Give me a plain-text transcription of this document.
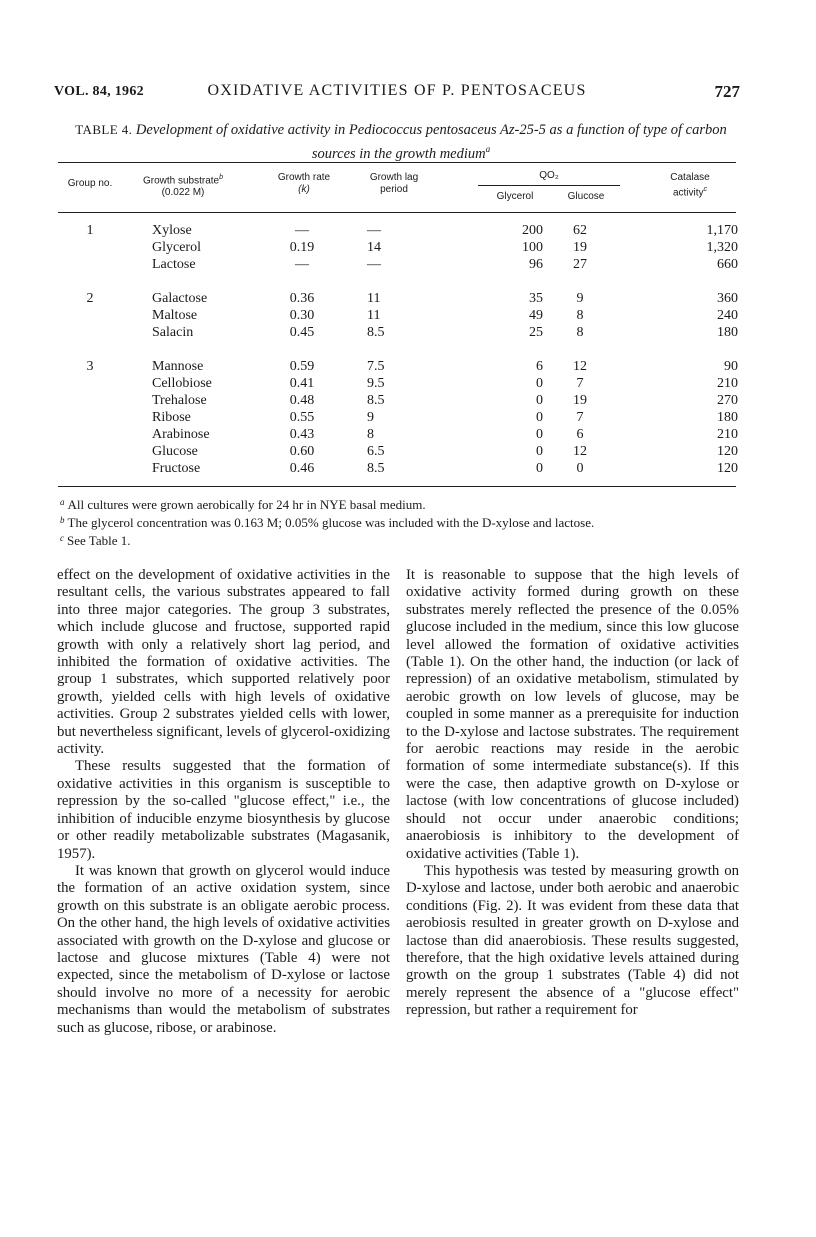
VOL. 84, 1962	OXIDATIVE ACTIVITIES OF P. PENTOSACEUS	727
TABLE 4. Development of oxidative activity in Pediococcus pentosaceus Az-25-5 as a function of type of carbon sources in the growth medium$^a$
Group no.	Growth substrate$^b$
(0.022 M)
Growth rate
(k)
Growth lag
period
QO₂
Glycerol	Glucose
Catalase
activity$^c$
1	Xylose	—	—	200	62	1,170
Glycerol	0.19	14	100	19	1,320
Lactose	—	—	96	27	660
2	Galactose	0.36	11	35	9	360
Maltose	0.30	11	49	8	240
Salacin	0.45	8.5	25	8	180
3	Mannose	0.59	7.5	6	12	90
Cellobiose	0.41	9.5	0	7	210
Trehalose	0.48	8.5	0	19	270
Ribose	0.55	9	0	7	180
Arabinose	0.43	8	0	6	210
Glucose	0.60	6.5	0	12	120
Fructose	0.46	8.5	0	0	120
$^a$ All cultures were grown aerobically for 24 hr in NYE basal medium.
$^b$ The glycerol concentration was 0.163 M; 0.05% glucose was included with the D-xylose and lactose.
$^c$ See Table 1.

effect on the development of oxidative activities in the resultant cells, the various substrates appeared to fall into three major categories. The group 3 substrates, which include glucose and fructose, supported rapid growth with only a relatively short lag period, and inhibited the formation of oxidative activities. The group 1 substrates, which supported relatively poor growth, yielded cells with high levels of oxidative activities. Group 2 substrates yielded cells with lower, but nevertheless significant, levels of glycerol-oxidizing activity.

These results suggested that the formation of oxidative activities in this organism is susceptible to repression by the so-called "glucose effect," i.e., the inhibition of inducible enzyme biosynthesis by glucose or other readily metabolizable substrates (Magasanik, 1957).

It was known that growth on glycerol would induce the formation of an active oxidation system, since growth on this substrate is an obligate aerobic process. On the other hand, the high levels of oxidative activities associated with growth on the D-xylose and glucose or lactose and glucose mixtures (Table 4) were not expected, since the metabolism of D-xylose or lactose should involve no more of a necessity for aerobic mechanisms than would the metabolism of substrates such as glucose, ribose, or arabinose.

It is reasonable to suppose that the high levels of oxidative activity formed during growth on these substrates merely reflected the presence of the 0.05% glucose included in the medium, since this low glucose level allowed the formation of oxidative activities (Table 1). On the other hand, the induction (or lack of repression) of an oxidative metabolism, stimulated by aerobic growth on low levels of glucose, may be coupled in some manner as a prerequisite for induction to the D-xylose and lactose substrates. The requirement for aerobic reactions may reside in the aerobic formation of some intermediate substance(s). If this were the case, then adaptive growth on D-xylose or lactose (with low concentrations of glucose included) should not occur under anaerobic conditions; anaerobiosis is inhibitory to the development of oxidative activities (Table 1).

This hypothesis was tested by measuring growth on D-xylose and lactose, under both aerobic and anaerobic conditions (Fig. 2). It was evident from these data that aerobiosis resulted in greater growth on D-xylose and lactose than did anaerobiosis. These results suggested, therefore, that the high oxidative levels attained during growth on the group 1 substrates (Table 4) did not merely represent the absence of a "glucose effect" repression, but rather a requirement for
